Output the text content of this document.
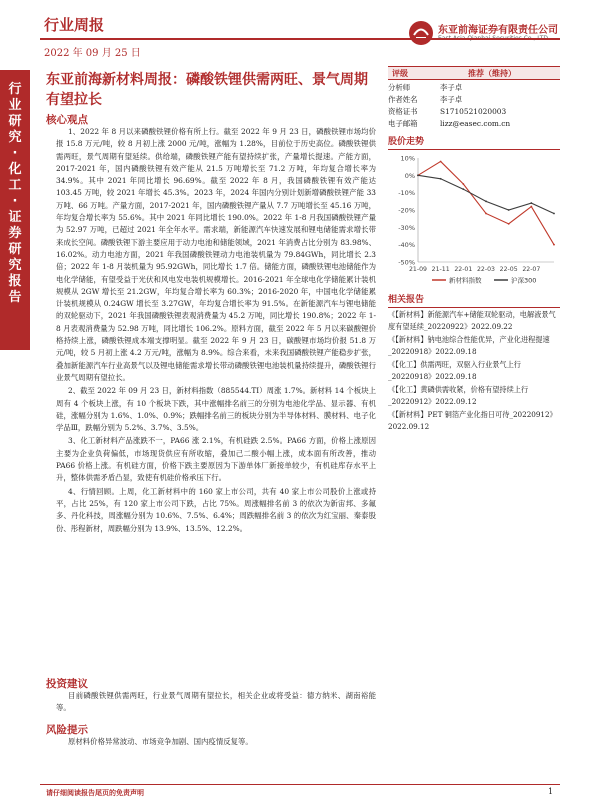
行业周报	东亚前海证券有限责任公司
2022 年 09 月 25 日
行
业
研
究
·
化
工
·
证
券
研
究
报
告
东亚前海新材料周报：磷酸铁锂供需两旺、景气周期有望拉长
核心观点

1、2022 年 8 月以来磷酸铁锂价格有所上行。截至 2022 年 9 月 23 日，磷酸铁锂市场均价报 15.8 万元/吨，较 8 月初上涨 2000 元/吨，涨幅为 1.28%，目前位于历史高位。磷酸铁锂供需两旺，景气周期有望延续。供给端，磷酸铁锂产能有望持续扩张，产量增长提速。产能方面，2017-2021 年，国内磷酸铁锂有效产能从 21.5 万吨增长至 71.2 万吨，年均复合增长率为 34.9%。其中 2021 年同比增长 96.69%。截至 2022 年 8 月，我国磷酸铁锂有效产能达 103.45 万吨，较 2021 年增长 45.3%。2023 年，2024 年国内分别计划新增磷酸铁锂产能 33 万吨、66 万吨。产量方面，2017-2021 年，国内磷酸铁锂产量从 7.7 万吨增长至 45.16 万吨，年均复合增长率为 55.6%。其中 2021 年同比增长 190.0%。2022 年 1-8 月我国磷酸铁锂产量为 52.97 万吨，已超过 2021 年全年水平。需求端，新能源汽车快速发展和锂电储能需求增长带来成长空间。磷酸铁锂下游主要应用于动力电池和储能领域，2021 年消费占比分别为 83.98%、16.02%。动力电池方面，2021 年我国磷酸铁锂动力电池装机量为 79.84GWh，同比增长 2.3 倍；2022 年 1-8 月装机量为 95.92GWh，同比增长 1.7 倍。储能方面，磷酸铁锂电池储能作为电化学储能，有望受益于光伏和风电发电装机规模增长。2016-2021 年全球电化学储能累计装机规模从 2GW 增长至 21.2GW，年均复合增长率为 60.3%；2016-2020 年，中国电化学储能累计装机规模从 0.24GW 增长至 3.27GW，年均复合增长率为 91.5%。在新能源汽车与锂电储能的双轮驱动下，2021 年我国磷酸铁锂表观消费量为 45.2 万吨，同比增长 190.8%；2022 年 1-8 月表观消费量为 52.98 万吨，同比增长 106.2%。原料方面，截至 2022 年 5 月以来碳酸锂价格持续上涨，磷酸铁锂成本端支撑明显。截至 2022 年 9 月 23 日，碳酸锂市场均价报 51.8 万元/吨，较 5 月初上涨 4.2 万元/吨，涨幅为 8.9%。综合来看，未来我国磷酸铁锂产能稳步扩张，叠加新能源汽车行业高景气以及锂电储能需求增长带动磷酸铁锂电池装机量持续提升，磷酸铁锂行业景气周期有望拉长。

2、截至 2022 年 09 月 23 日，新材料指数（885544.TI）周涨 1.7%。新材料 14 个板块上周有 4 个板块上涨，有 10 个板块下跌，其中涨幅排名前三的分别为电池化学品、显示器、有机硅，涨幅分别为 1.6%、1.0%、0.9%；跌幅排名前三的板块分别为半导体材料、膜材料、电子化学品Ⅲ，跌幅分别为 5.2%、3.7%、3.5%。

3、化工新材料产品涨跌不一，PA66 涨 2.1%，有机硅跌 2.5%。PA66 方面，价格上涨原因主要为企业负荷偏低，市场现货供应有所收缩，叠加己二酸小幅上涨，成本面有所改善，推动 PA66 价格上涨。有机硅方面，价格下跌主要原因为下游单体厂新接单较少，有机硅库存水平上升，整体供需矛盾凸显，致使有机硅价格承压下行。

4、行情回顾。上周，化工新材料中的 160 家上市公司，共有 40 家上市公司股价上涨或持平，占比 25%，有 120 家上市公司下跌，占比 75%。周涨幅排名前 3 的依次为新宙邦、多氟多、丹化科技，周涨幅分别为 10.6%、7.5%、6.4%；周跌幅排名前 3 的依次为红宝丽、秦泰股份、彤程新材，周跌幅分别为 13.9%、13.5%、12.2%。

投资建议

目前磷酸铁锂供需两旺，行业景气周期有望拉长，相关企业或将受益：德方纳米、湖南裕能等。

风险提示

原材料价格异常波动、市场竞争加剧、国内疫情反复等。

评级	推荐（维持）
分析师	李子卓
作者姓名	李子卓
资格证书	S1710521020003
电子邮箱	lizz@easec.com.cn
股价走势
10%
0%
-10%
-20%
-30%
-40%
-50%
21-09 21-11 22-01 22-03 22-05 22-07
新材料指数	沪深300
相关报告
《【新材料】新能源汽车+储能双轮驱动，电解液景气度有望延续_20220922》2022.09.22
《【新材料】钠电池综合性能优异，产业化进程提速_20220918》2022.09.18
《【化工】供需两旺，双驱入行业景气上行_20220918》2022.09.18
《【化工】黄磷供需收紧，价格有望持续上行_20220912》2022.09.12
《【新材料】PET 铜箔产业化指日可待_20220912》2022.09.12
请仔细阅读报告尾页的免责声明	1
